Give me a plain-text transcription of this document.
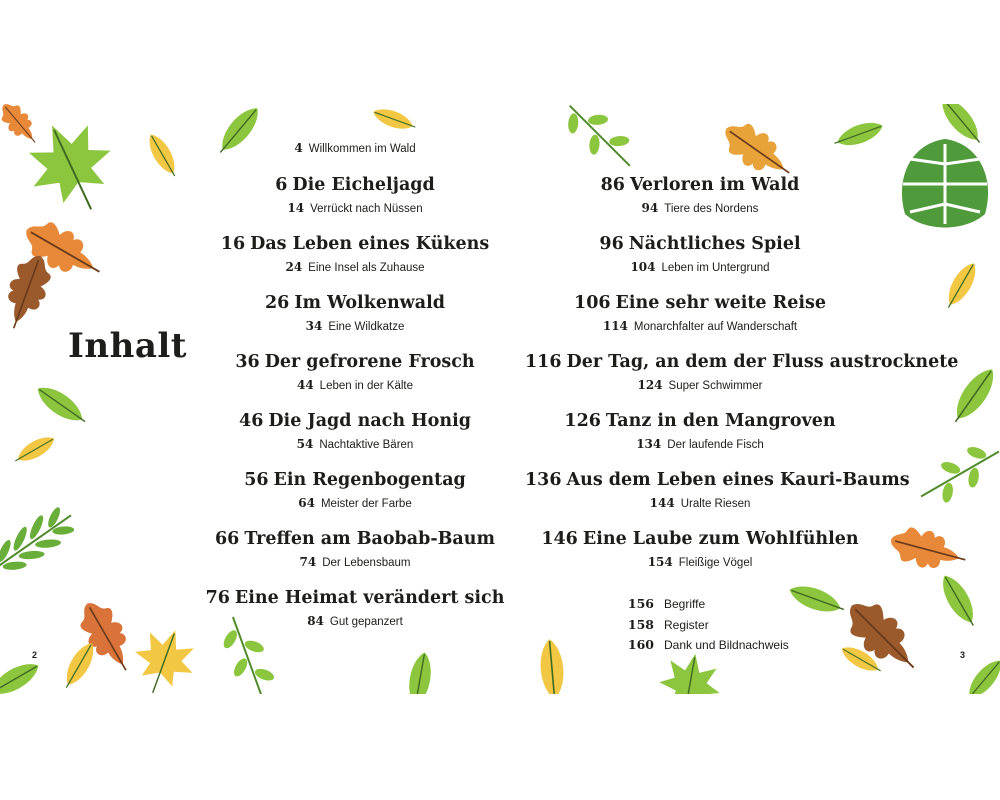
Inhalt
4 Willkommen im Wald
6 Die Eicheljagd
14 Verrückt nach Nüssen
16 Das Leben eines Kükens
24 Eine Insel als Zuhause
26 Im Wolkenwald
34 Eine Wildkatze
36 Der gefrorene Frosch
44 Leben in der Kälte
46 Die Jagd nach Honig
54 Nachtaktive Bären
56 Ein Regenbogentag
64 Meister der Farbe
66 Treffen am Baobab-Baum
74 Der Lebensbaum
76 Eine Heimat verändert sich
84 Gut gepanzert
86 Verloren im Wald
94 Tiere des Nordens
96 Nächtliches Spiel
104 Leben im Untergrund
106 Eine sehr weite Reise
114 Monarchfalter auf Wanderschaft
116 Der Tag, an dem der Fluss austrocknete
124 Super Schwimmer
126 Tanz in den Mangroven
134 Der laufende Fisch
136 Aus dem Leben eines Kauri-Baums
144 Uralte Riesen
146 Eine Laube zum Wohlfühlen
154 Fleißige Vögel
156 Begriffe
158 Register
160 Dank und Bildnachweis
2	3
